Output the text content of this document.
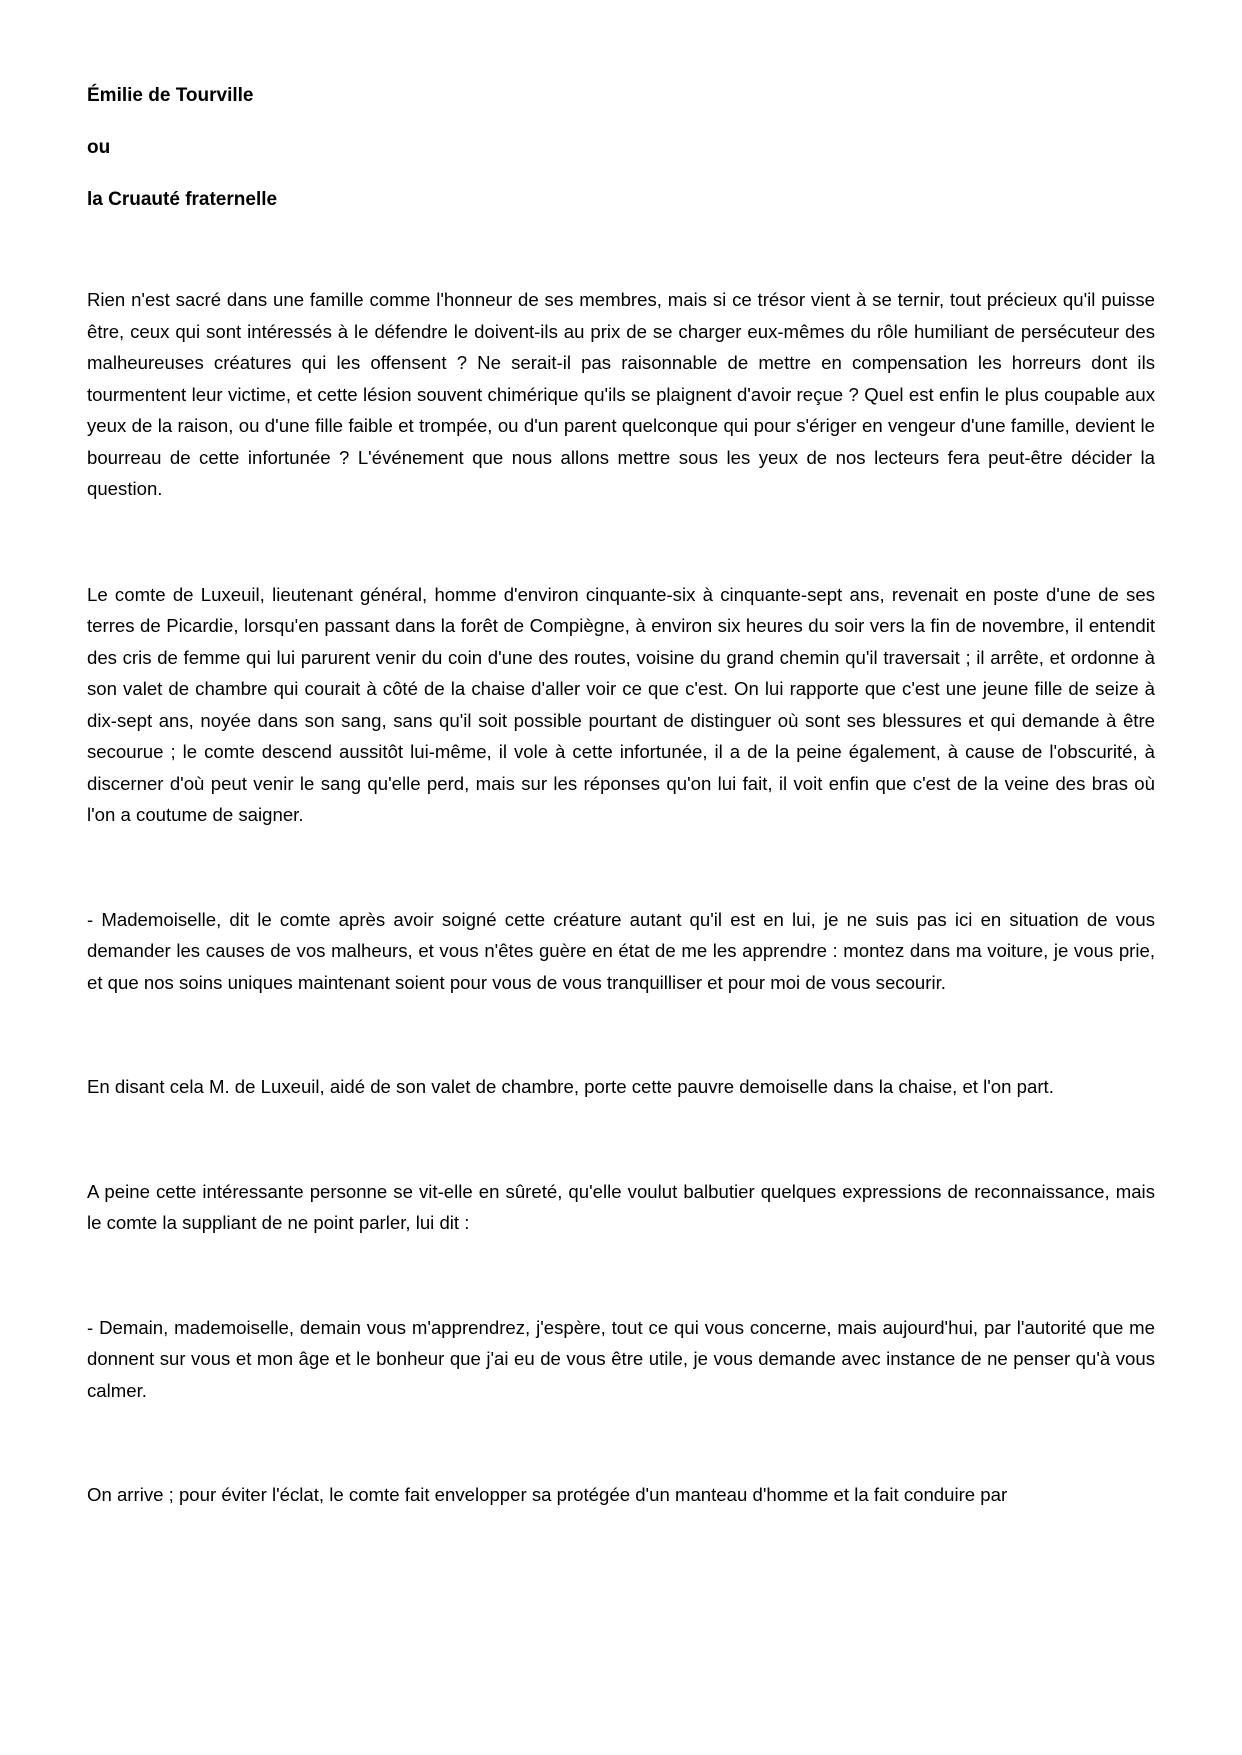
Émilie de Tourville

ou

la Cruauté fraternelle

Rien n'est sacré dans une famille comme l'honneur de ses membres, mais si ce trésor vient à se ternir, tout précieux qu'il puisse être, ceux qui sont intéressés à le défendre le doivent-ils au prix de se charger eux-mêmes du rôle humiliant de persécuteur des malheureuses créatures qui les offensent ? Ne serait-il pas raisonnable de mettre en compensation les horreurs dont ils tourmentent leur victime, et cette lésion souvent chimérique qu'ils se plaignent d'avoir reçue ? Quel est enfin le plus coupable aux yeux de la raison, ou d'une fille faible et trompée, ou d'un parent quelconque qui pour s'ériger en vengeur d'une famille, devient le bourreau de cette infortunée ? L'événement que nous allons mettre sous les yeux de nos lecteurs fera peut-être décider la question.

Le comte de Luxeuil, lieutenant général, homme d'environ cinquante-six à cinquante-sept ans, revenait en poste d'une de ses terres de Picardie, lorsqu'en passant dans la forêt de Compiègne, à environ six heures du soir vers la fin de novembre, il entendit des cris de femme qui lui parurent venir du coin d'une des routes, voisine du grand chemin qu'il traversait ; il arrête, et ordonne à son valet de chambre qui courait à côté de la chaise d'aller voir ce que c'est. On lui rapporte que c'est une jeune fille de seize à dix-sept ans, noyée dans son sang, sans qu'il soit possible pourtant de distinguer où sont ses blessures et qui demande à être secourue ; le comte descend aussitôt lui-même, il vole à cette infortunée, il a de la peine également, à cause de l'obscurité, à discerner d'où peut venir le sang qu'elle perd, mais sur les réponses qu'on lui fait, il voit enfin que c'est de la veine des bras où l'on a coutume de saigner.

- Mademoiselle, dit le comte après avoir soigné cette créature autant qu'il est en lui, je ne suis pas ici en situation de vous demander les causes de vos malheurs, et vous n'êtes guère en état de me les apprendre : montez dans ma voiture, je vous prie, et que nos soins uniques maintenant soient pour vous de vous tranquilliser et pour moi de vous secourir.

En disant cela M. de Luxeuil, aidé de son valet de chambre, porte cette pauvre demoiselle dans la chaise, et l'on part.

A peine cette intéressante personne se vit-elle en sûreté, qu'elle voulut balbutier quelques expressions de reconnaissance, mais le comte la suppliant de ne point parler, lui dit :

- Demain, mademoiselle, demain vous m'apprendrez, j'espère, tout ce qui vous concerne, mais aujourd'hui, par l'autorité que me donnent sur vous et mon âge et le bonheur que j'ai eu de vous être utile, je vous demande avec instance de ne penser qu'à vous calmer.

On arrive ; pour éviter l'éclat, le comte fait envelopper sa protégée d'un manteau d'homme et la fait conduire par
